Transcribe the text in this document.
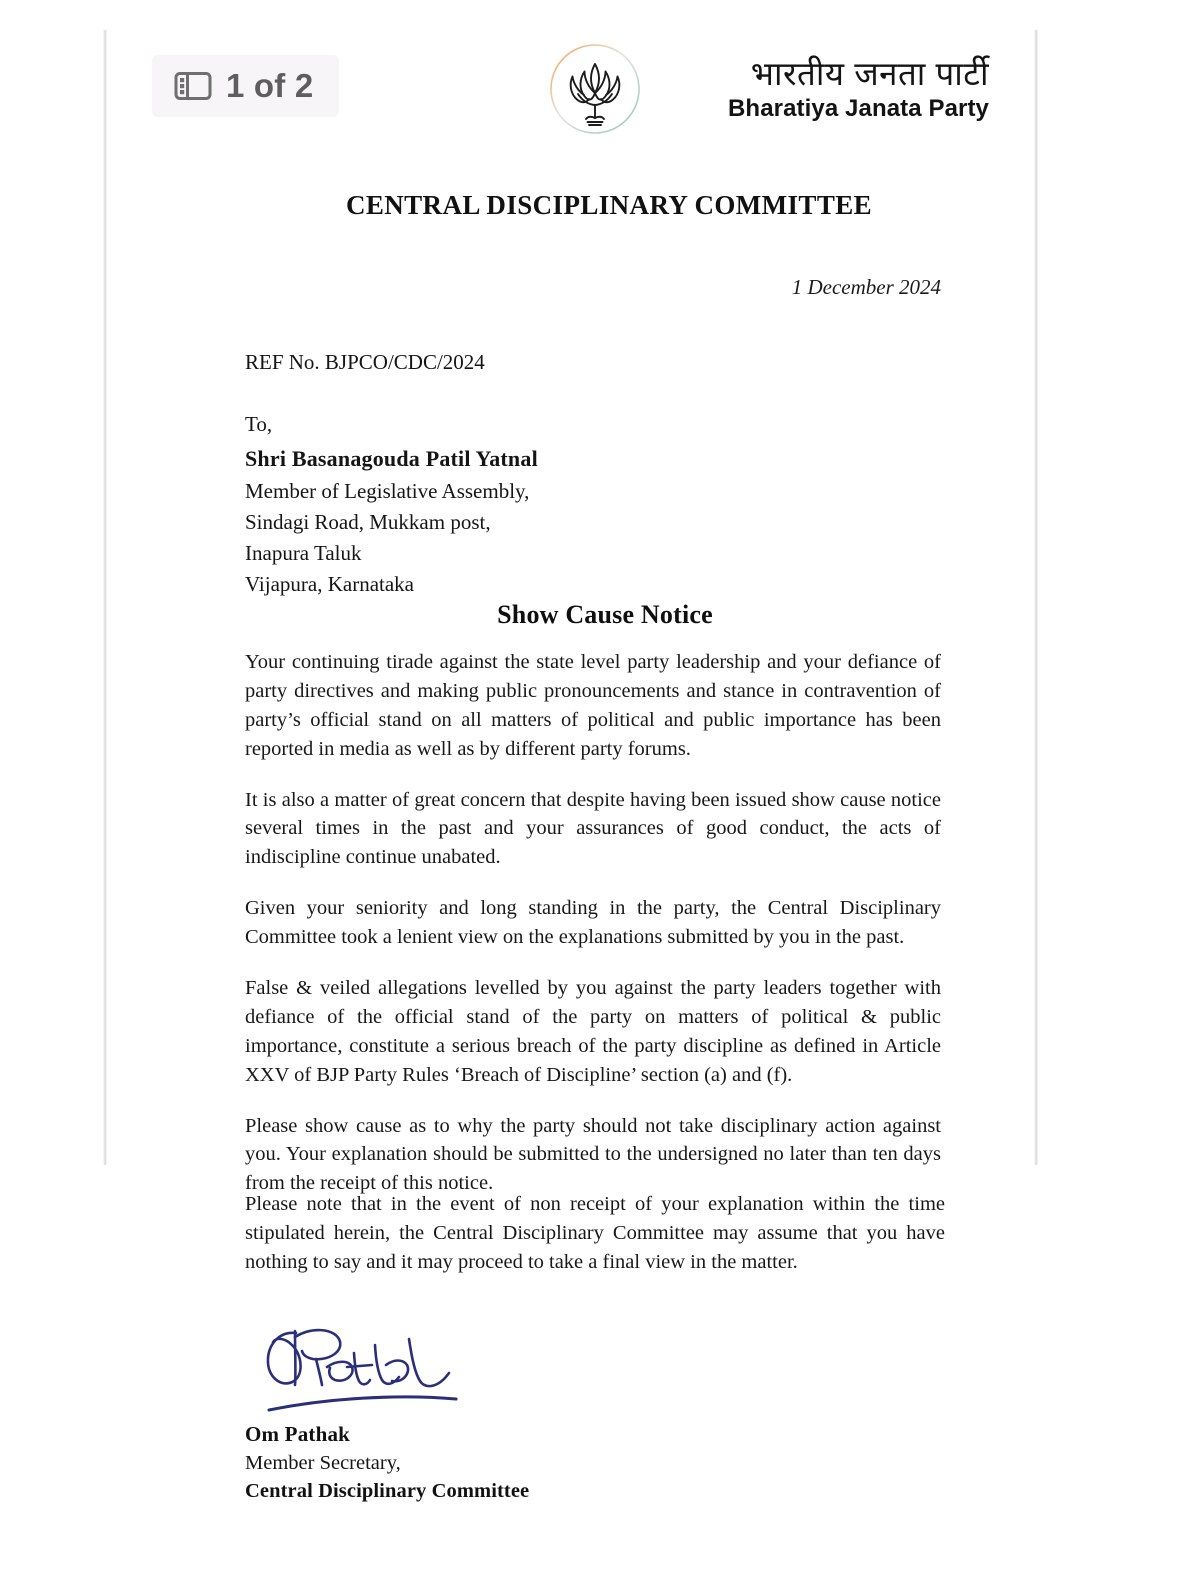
1 of 2	भारतीय जनता पार्टी
Bharatiya Janata Party
CENTRAL DISCIPLINARY COMMITTEE
1 December 2024
REF No. BJPCO/CDC/2024
To,
Shri Basanagouda Patil Yatnal
Member of Legislative Assembly,
Sindagi Road, Mukkam post,
Inapura Taluk
Vijapura, Karnataka
Show Cause Notice

Your continuing tirade against the state level party leadership and your defiance of party directives and making public pronouncements and stance in contravention of party’s official stand on all matters of political and public importance has been reported in media as well as by different party forums.

It is also a matter of great concern that despite having been issued show cause notice several times in the past and your assurances of good conduct, the acts of indiscipline continue unabated.

Given your seniority and long standing in the party, the Central Disciplinary Committee took a lenient view on the explanations submitted by you in the past.

False & veiled allegations levelled by you against the party leaders together with defiance of the official stand of the party on matters of political & public importance, constitute a serious breach of the party discipline as defined in Article XXV of BJP Party Rules ‘Breach of Discipline’ section (a) and (f).

Please show cause as to why the party should not take disciplinary action against you. Your explanation should be submitted to the undersigned no later than ten days from the receipt of this notice.

Please note that in the event of non receipt of your explanation within the time stipulated herein, the Central Disciplinary Committee may assume that you have nothing to say and it may proceed to take a final view in the matter.

Om Pathak
Member Secretary,
Central Disciplinary Committee
